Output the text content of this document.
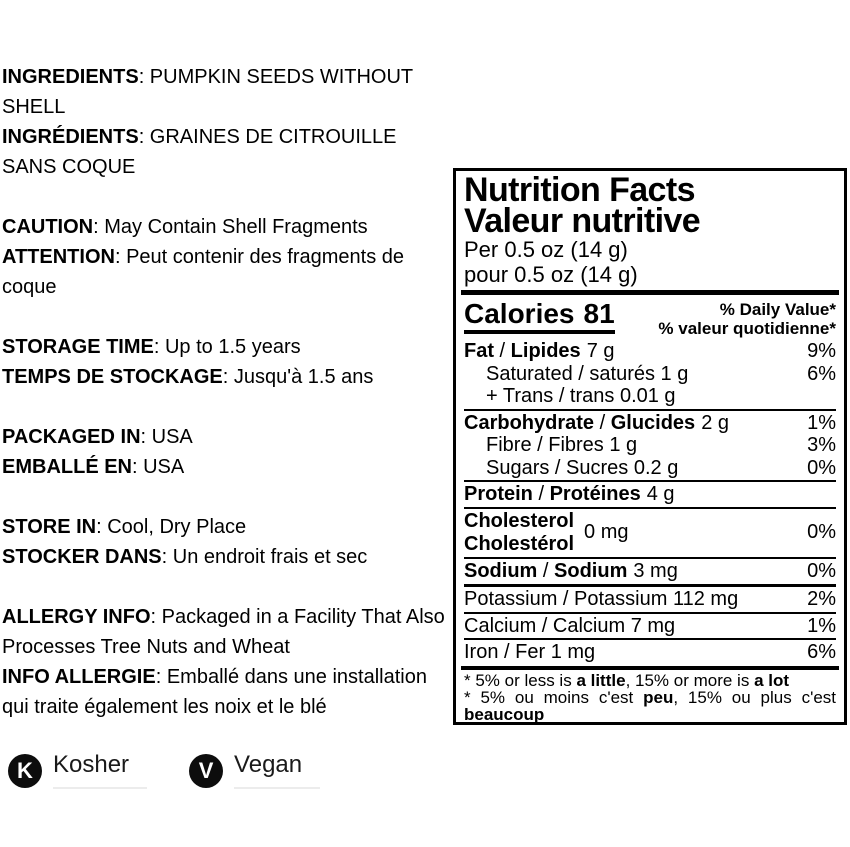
INGREDIENTS: PUMPKIN SEEDS WITHOUT SHELL

INGRÉDIENTS: GRAINES DE CITROUILLE SANS COQUE

CAUTION: May Contain Shell Fragments

ATTENTION: Peut contenir des fragments de coque

STORAGE TIME: Up to 1.5 years

TEMPS DE STOCKAGE: Jusqu'à 1.5 ans

PACKAGED IN: USA

EMBALLÉ EN: USA

STORE IN: Cool, Dry Place

STOCKER DANS: Un endroit frais et sec

ALLERGY INFO: Packaged in a Facility That Also Processes Tree Nuts and Wheat

INFO ALLERGIE: Emballé dans une installation qui traite également les noix et le blé

K Kosher	V Vegan
Nutrition Facts
Valeur nutritive
Per 0.5 oz (14 g)
pour 0.5 oz (14 g)
Calories 81	% Daily Value*
% valeur quotidienne*
Fat / Lipides 7 g	9%
Saturated / saturés 1 g	6%
+ Trans / trans 0.01 g
Carbohydrate / Glucides 2 g	1%
Fibre / Fibres 1 g	3%
Sugars / Sucres 0.2 g	0%
Protein / Protéines 4 g
Cholesterol
Cholestérol
0 mg	0%
Sodium / Sodium 3 mg	0%
Potassium / Potassium 112 mg	2%
Calcium / Calcium 7 mg	1%
Iron / Fer 1 mg	6%
* 5% or less is a little, 15% or more is a lot
* 5% ou moins c'est peu, 15% ou plus c'est beaucoup
